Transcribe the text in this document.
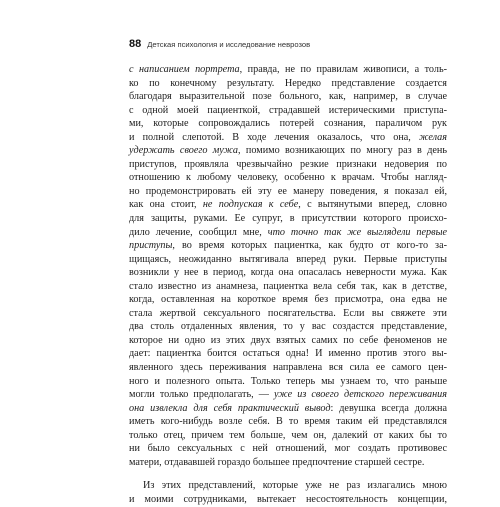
88 Детская психология и исследование неврозов
с написанием портрета, правда, не по правилам живописи, а толь-
ко по конечному результату. Нередко представление создается
благодаря выразительной позе больного, как, например, в случае
с одной моей пациенткой, страдавшей истерическими приступа-
ми, которые сопровождались потерей сознания, параличом рук
и полной слепотой. В ходе лечения оказалось, что она, желая
удержать своего мужа, помимо возникающих по многу раз в день
приступов, проявляла чрезвычайно резкие признаки недоверия по
отношению к любому человеку, особенно к врачам. Чтобы нагляд-
но продемонстрировать ей эту ее манеру поведения, я показал ей,
как она стоит, не подпуская к себе, с вытянутыми вперед, словно
для защиты, руками. Ее супруг, в присутствии которого происхо-
дило лечение, сообщил мне, что точно так же выглядели первые
приступы, во время которых пациентка, как будто от кого-то за-
щищаясь, неожиданно вытягивала вперед руки. Первые приступы
возникли у нее в период, когда она опасалась неверности мужа. Как
стало известно из анамнеза, пациентка вела себя так, как в детстве,
когда, оставленная на короткое время без присмотра, она едва не
стала жертвой сексуального посягательства. Если вы свяжете эти
два столь отдаленных явления, то у вас создастся представление,
которое ни одно из этих двух взятых самих по себе феноменов не
дает: пациентка боится остаться одна! И именно против этого вы-
явленного здесь переживания направлена вся сила ее самого цен-
ного и полезного опыта. Только теперь мы узнаем то, что раньше
могли только предполагать, — уже из своего детского переживания
она извлекла для себя практический вывод: девушка всегда должна
иметь кого-нибудь возле себя. В то время таким ей представлялся
только отец, причем тем больше, чем он, далекий от каких бы то
ни было сексуальных с ней отношений, мог создать противовес
матери, отдававшей гораздо большее предпочтение старшей сестре.
Из этих представлений, которые уже не раз излагались мною
и моими сотрудниками, вытекает несостоятельность концепции,
